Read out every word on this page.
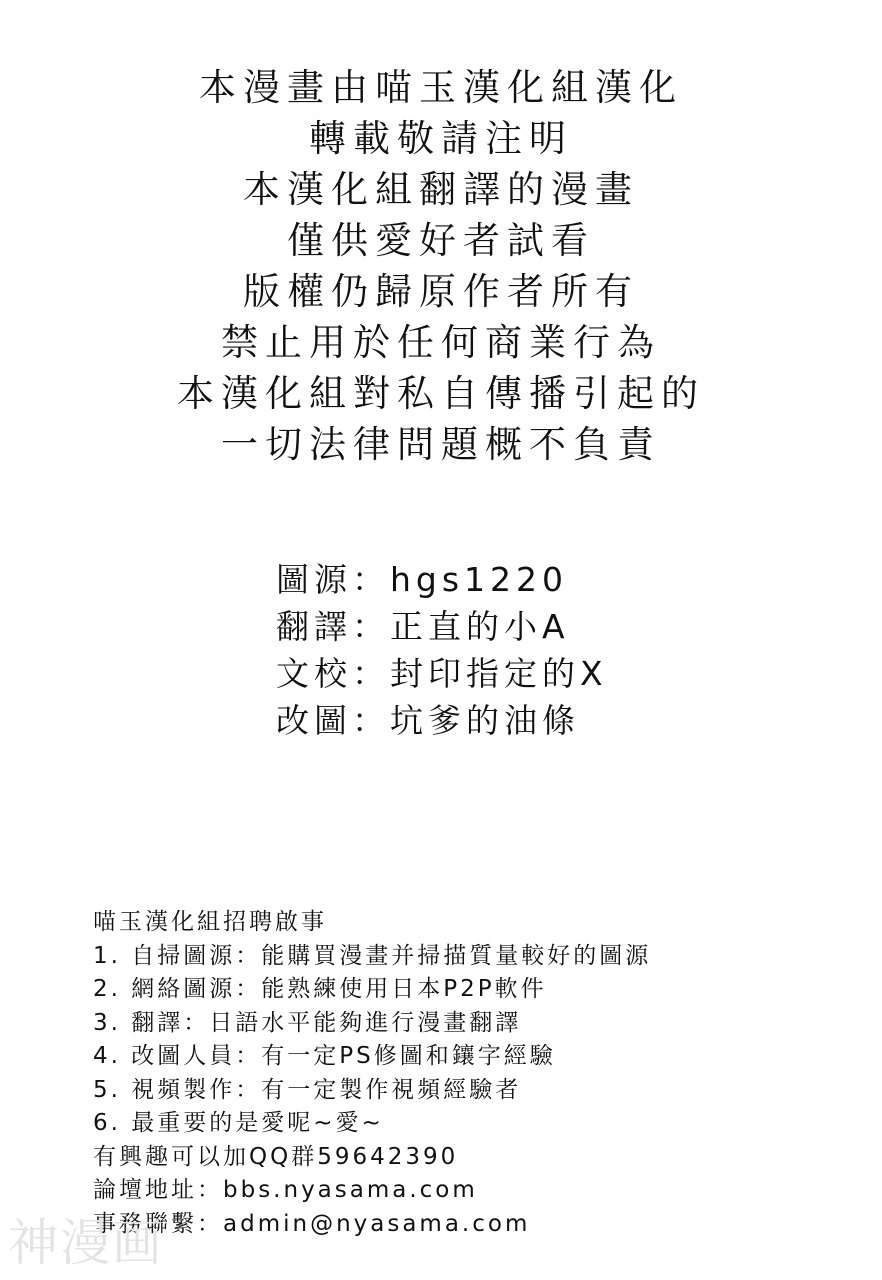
本漫畫由喵玉漢化組漢化
轉載敬請注明
本漢化組翻譯的漫畫
僅供愛好者試看
版權仍歸原作者所有
禁止用於任何商業行為
本漢化組對私自傳播引起的
一切法律問題概不負責
圖源：hgs1220
翻譯：正直的小A
文校：封印指定的X
改圖：坑爹的油條
喵玉漢化組招聘啟事
1. 自掃圖源：能購買漫畫并掃描質量較好的圖源
2. 網絡圖源：能熟練使用日本P2P軟件
3. 翻譯：日語水平能夠進行漫畫翻譯
4. 改圖人員：有一定PS修圖和鑲字經驗
5. 視頻製作：有一定製作視頻經驗者
6. 最重要的是愛呢~愛~
有興趣可以加QQ群59642390
論壇地址：bbs.nyasama.com
事務聯繫：admin@nyasama.com
神漫画
